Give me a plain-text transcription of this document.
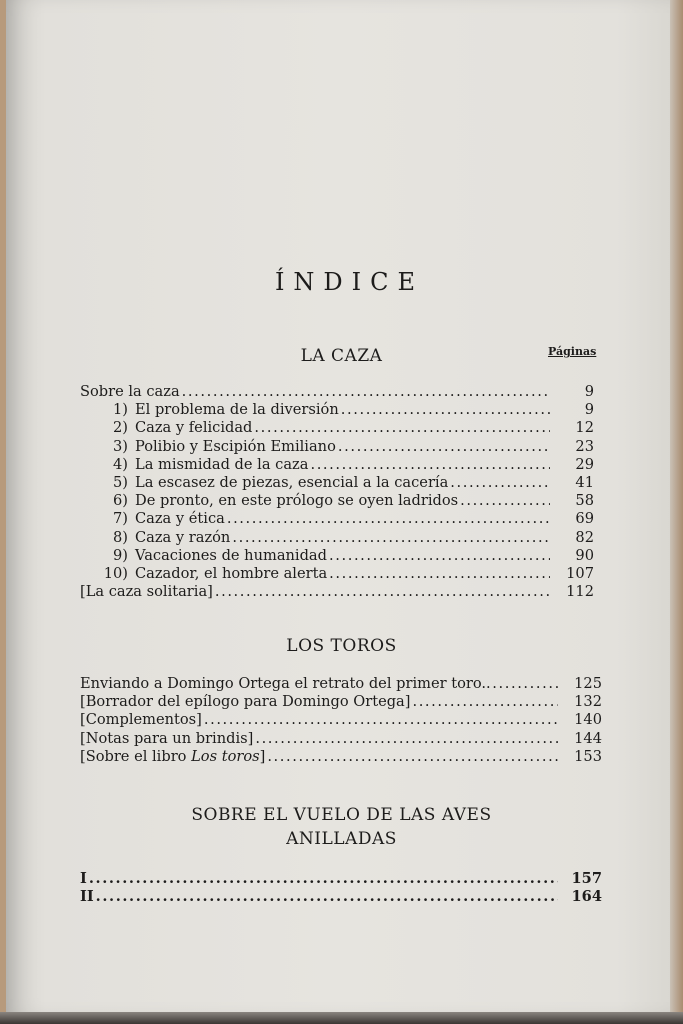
ÍNDICE
LA CAZA	Páginas
Sobre la caza .....	9
1) El problema de la diversión .....	9
2) Caza y felicidad .....	12
3) Polibio y Escipión Emiliano .....	23
4) La mismidad de la caza .....	29
5) La escasez de piezas, esencial a la cacería .....	41
6) De pronto, en este prólogo se oyen ladridos .....	58
7) Caza y ética .....	69
8) Caza y razón .....	82
9) Vacaciones de humanidad .....	90
10) Cazador, el hombre alerta .....	107
[La caza solitaria] .....	112
LOS TOROS
Enviando a Domingo Ortega el retrato del primer toro. .....	125
[Borrador del epílogo para Domingo Ortega] .....	132
[Complementos] .....	140
[Notas para un brindis] .....	144
[Sobre el libro Los toros] .....	153
SOBRE EL VUELO DE LAS AVES
ANILLADAS
I .....	157
II .....	164
